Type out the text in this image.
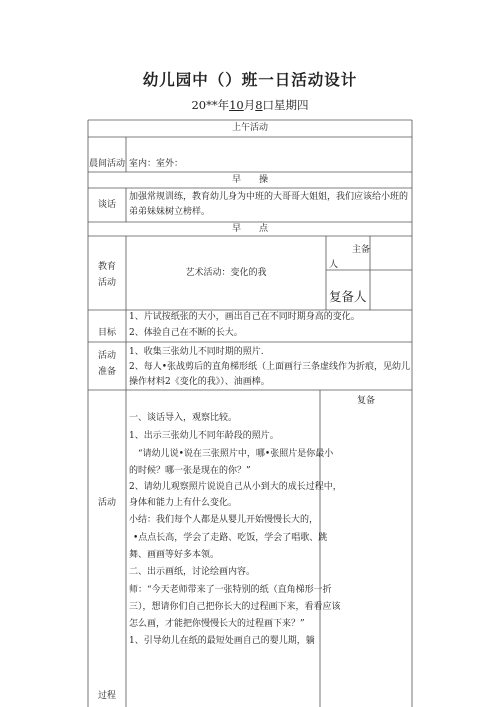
幼儿园中（）班一日活动设计
20**年10月8口星期四
上午活动
晨间活动 室内：室外：
早　　操
谈话
加强常规训练，教育幼儿身为中班的大哥哥大姐姐，我们应该给小班的
弟弟妹妹树立榜样。
早　　点
教育
活动
艺术活动：变化的我
主备
人
复备人
目标
1、片试按纸张的大小，画出自己在不同时期身高的变化。
2、体验自己在不断的长大。
活动
准备
1、收集三张幼儿不同时期的照片.
2、每人•张战剪后的直角梯形纸（上面画行三条虚线作为折痕，见幼儿
操作材料2《变化的我》）、油画棒。
活动
过程
复备
一、谈话导入，观察比较。
1、出示三张幼儿不同年龄段的照片。
“请幼儿说•说在三张照片中，哪•张照片是你最小
的时候？哪一张是现在的你？”
2、请幼儿观察照片说说自己从小到大的成长过程中，
身体和能力上有什么变化。
小结：我们每个人都是从婴儿开始慢慢长大的，
•点点长高，学会了走路、吃饭，学会了唱歌、跳
舞、画画等好多本领。
二、出示画纸，讨论绘画内容。
师：“今天老师带来了一张特别的纸（直角梯形一折
三），想请你们自己把你长大的过程画下来，看看应该
怎么画，才能把你慢慢长大的过程画下来？”
1、引导幼儿在纸的最短处画自己的婴儿期，躺
